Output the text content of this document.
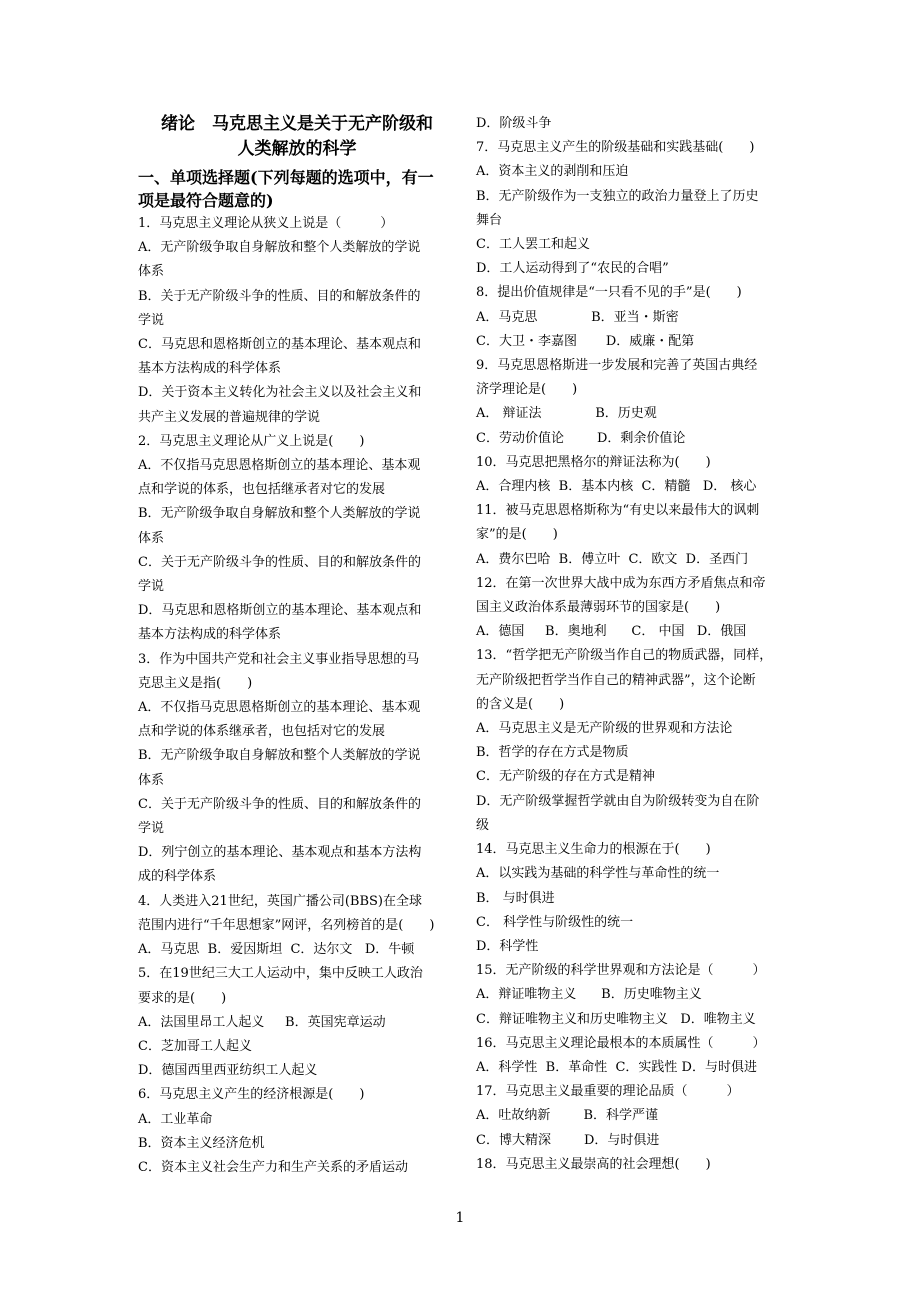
绪论　马克思主义是关于无产阶级和
人类解放的科学
一、单项选择题(下列每题的选项中，有一
项是最符合题意的)
1．马克思主义理论从狭义上说是（　　　）
A．无产阶级争取自身解放和整个人类解放的学说
体系
B．关于无产阶级斗争的性质、目的和解放条件的
学说
C．马克思和恩格斯创立的基本理论、基本观点和
基本方法构成的科学体系
D．关于资本主义转化为社会主义以及社会主义和
共产主义发展的普遍规律的学说
2．马克思主义理论从广义上说是(　　)
A．不仅指马克思恩格斯创立的基本理论、基本观
点和学说的体系，也包括继承者对它的发展
B．无产阶级争取自身解放和整个人类解放的学说
体系
C．关于无产阶级斗争的性质、目的和解放条件的
学说
D．马克思和恩格斯创立的基本理论、基本观点和
基本方法构成的科学体系
3．作为中国共产党和社会主义事业指导思想的马
克思主义是指(　　)
A．不仅指马克思恩格斯创立的基本理论、基本观
点和学说的体系继承者，也包括对它的发展
B．无产阶级争取自身解放和整个人类解放的学说
体系
C．关于无产阶级斗争的性质、目的和解放条件的
学说
D．列宁创立的基本理论、基本观点和基本方法构
成的科学体系
4．人类进入21世纪，英国广播公司(BBS)在全球
范围内进行“千年思想家”网评，名列榜首的是(　　)
A．马克思  B．爱因斯坦  C．达尔文   D．牛顿
5．在19世纪三大工人运动中，集中反映工人政治
要求的是(　　)
A．法国里昂工人起义     B．英国宪章运动
C．芝加哥工人起义
D．德国西里西亚纺织工人起义
6．马克思主义产生的经济根源是(　　)
A．工业革命
B．资本主义经济危机
C．资本主义社会生产力和生产关系的矛盾运动
D．阶级斗争
7．马克思主义产生的阶级基础和实践基础(　　)
A．资本主义的剥削和压迫
B．无产阶级作为一支独立的政治力量登上了历史
舞台
C．工人罢工和起义
D．工人运动得到了“农民的合唱”
8．提出价值规律是“一只看不见的手”是(　　)
A．马克思             B．亚当・斯密
C．大卫・李嘉图       D．威廉・配第
9．马克思恩格斯进一步发展和完善了英国古典经
济学理论是(　　)
A． 辩证法             B．历史观
C．劳动价值论        D．剩余价值论
10．马克思把黑格尔的辩证法称为(　　)
A．合理内核  B．基本内核  C．精髓   D． 核心
11．被马克思恩格斯称为“有史以来最伟大的讽刺
家”的是(　　)
A．费尔巴哈  B．傅立叶  C．欧文  D．圣西门
12．在第一次世界大战中成为东西方矛盾焦点和帝
国主义政治体系最薄弱环节的国家是(　　)
A．德国     B．奥地利      C． 中国   D．俄国
13．“哲学把无产阶级当作自己的物质武器，同样，
无产阶级把哲学当作自己的精神武器”，这个论断
的含义是(　　)
A．马克思主义是无产阶级的世界观和方法论
B．哲学的存在方式是物质
C．无产阶级的存在方式是精神
D．无产阶级掌握哲学就由自为阶级转变为自在阶
级
14．马克思主义生命力的根源在于(　　)
A．以实践为基础的科学性与革命性的统一
B． 与时俱进
C． 科学性与阶级性的统一
D．科学性
15．无产阶级的科学世界观和方法论是（　　　）
A．辩证唯物主义      B．历史唯物主义
C．辩证唯物主义和历史唯物主义   D．唯物主义
16．马克思主义理论最根本的本质属性（　　　）
A．科学性  B．革命性  C．实践性 D．与时俱进
17．马克思主义最重要的理论品质（　　　）
A．吐故纳新        B．科学严谨
C．博大精深        D．与时俱进
18．马克思主义最崇高的社会理想(　　)
1
